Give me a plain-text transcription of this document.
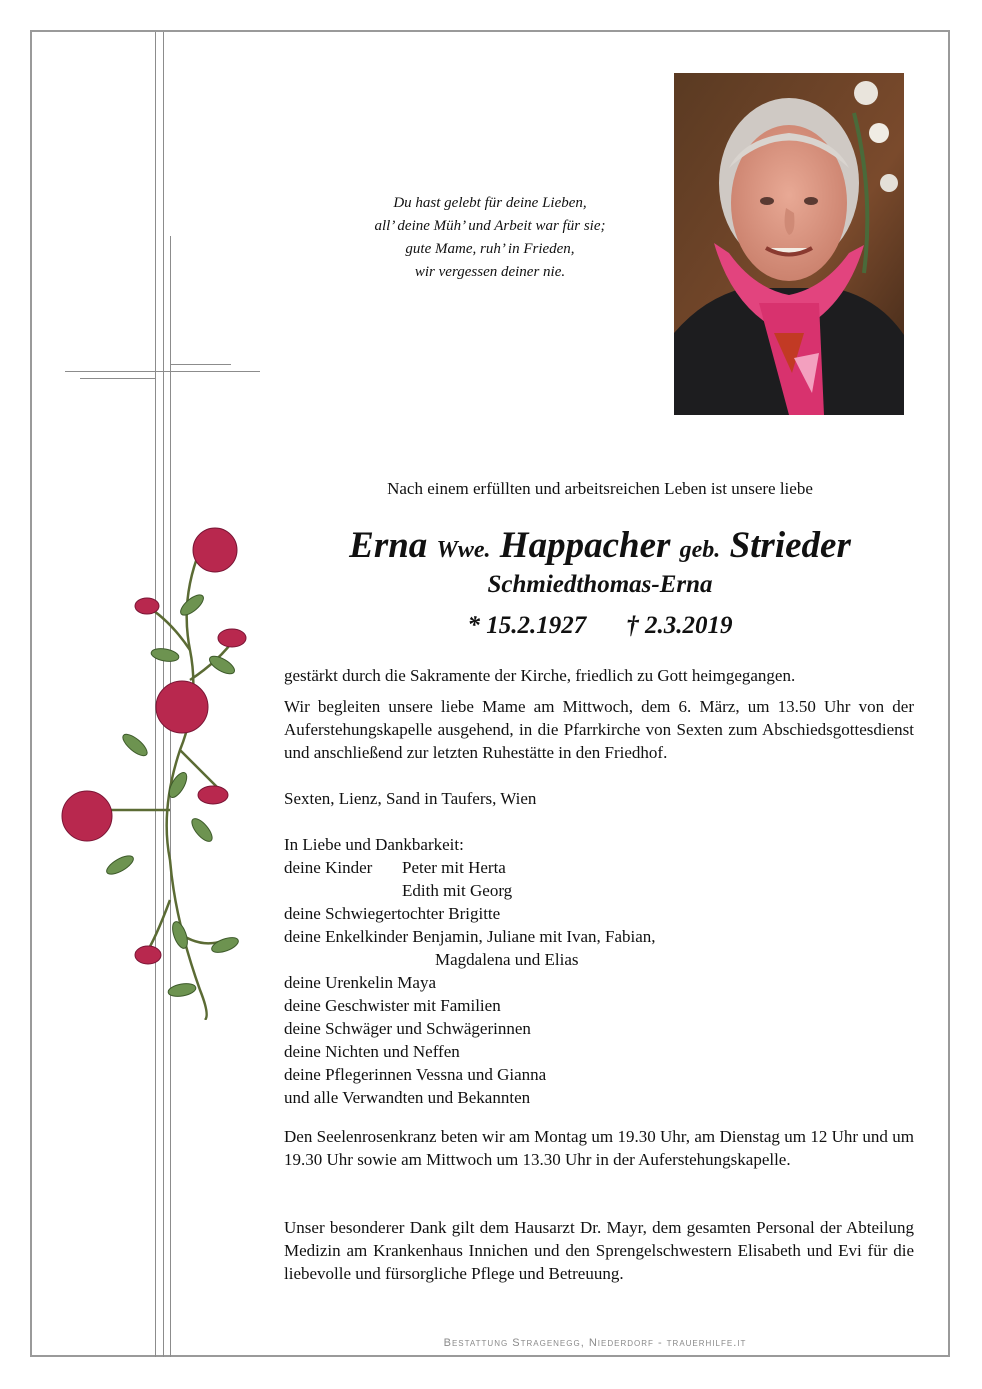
Du hast gelebt für deine Lieben,
all’ deine Müh’ und Arbeit war für sie;
gute Mame, ruh’ in Frieden,
wir vergessen deiner nie.
Nach einem erfüllten und arbeitsreichen Leben ist unsere liebe
Erna Wwe. Happacher geb. Strieder
Schmiedthomas-Erna
* 15.2.1927 † 2.3.2019
gestärkt durch die Sakramente der Kirche, friedlich zu Gott heimgegangen.
Wir begleiten unsere liebe Mame am Mittwoch, dem 6. März, um 13.50 Uhr von der Auferstehungskapelle ausgehend, in die Pfarrkirche von Sexten zum Abschiedsgottesdienst und anschließend zur letzten Ruhestätte in den Friedhof.
Sexten, Lienz, Sand in Taufers, Wien
In Liebe und Dankbarkeit:
deine Kinder Peter mit Herta
Edith mit Georg
deine Schwiegertochter Brigitte
deine Enkelkinder Benjamin, Juliane mit Ivan, Fabian,
Magdalena und Elias
deine Urenkelin Maya
deine Geschwister mit Familien
deine Schwäger und Schwägerinnen
deine Nichten und Neffen
deine Pflegerinnen Vessna und Gianna
und alle Verwandten und Bekannten
Den Seelenrosenkranz beten wir am Montag um 19.30 Uhr, am Dienstag um 12 Uhr und um 19.30 Uhr sowie am Mittwoch um 13.30 Uhr in der Auferstehungskapelle.
Unser besonderer Dank gilt dem Hausarzt Dr. Mayr, dem gesamten Personal der Abteilung Medizin am Krankenhaus Innichen und den Sprengelschwestern Elisabeth und Evi für die liebevolle und fürsorgliche Pflege und Betreuung.
Bestattung Stragenegg, Niederdorf - trauerhilfe.it
